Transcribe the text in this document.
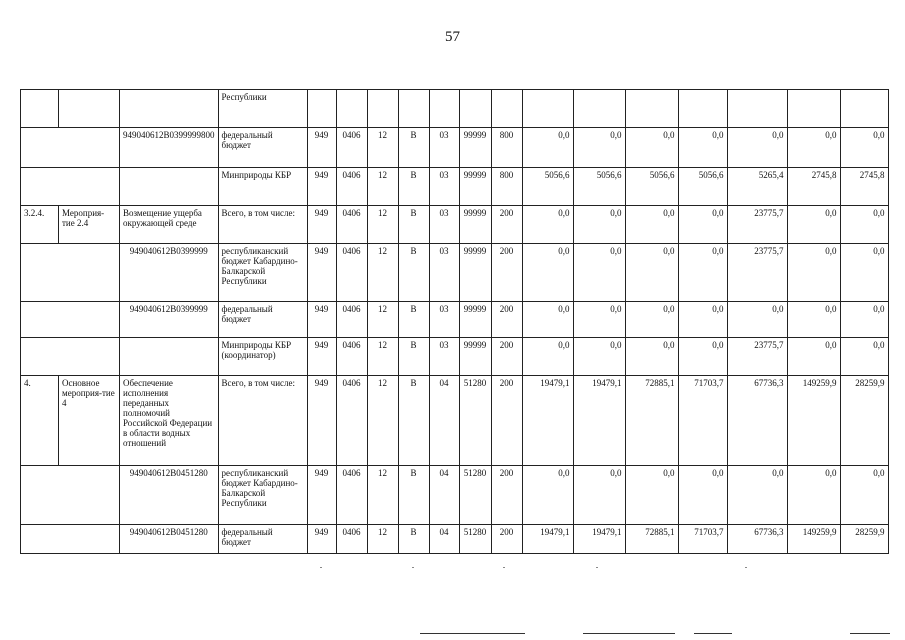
57
			Республики														
		949040612B0399999800	федеральный бюджет	949	0406	12	В	03	99999	800	0,0	0,0	0,0	0,0	0,0	0,0	0,0
			Минприроды КБР	949	0406	12	В	03	99999	800	5056,6	5056,6	5056,6	5056,6	5265,4	2745,8	2745,8
3.2.4.	Мероприя-тие 2.4	Возмещение ущерба окружающей среде	Всего, в том числе:	949	0406	12	В	03	99999	200	0,0	0,0	0,0	0,0	23775,7	0,0	0,0
		949040612B0399999	республиканский бюджет Кабардино-Балкарской Республики	949	0406	12	В	03	99999	200	0,0	0,0	0,0	0,0	23775,7	0,0	0,0
		949040612B0399999	федеральный бюджет	949	0406	12	В	03	99999	200	0,0	0,0	0,0	0,0	0,0	0,0	0,0
			Минприроды КБР (координатор)	949	0406	12	В	03	99999	200	0,0	0,0	0,0	0,0	23775,7	0,0	0,0
4.	Основное мероприя-тие 4	Обеспечение исполнения переданных полномочий Российской Федерации в области водных отношений	Всего, в том числе:	949	0406	12	В	04	51280	200	19479,1	19479,1	72885,1	71703,7	67736,3	149259,9	28259,9
		949040612B0451280	республиканский бюджет Кабардино-Балкарской Республики	949	0406	12	В	04	51280	200	0,0	0,0	0,0	0,0	0,0	0,0	0,0
		949040612B0451280	федеральный бюджет	949	0406	12	В	04	51280	200	19479,1	19479,1	72885,1	71703,7	67736,3	149259,9	28259,9
